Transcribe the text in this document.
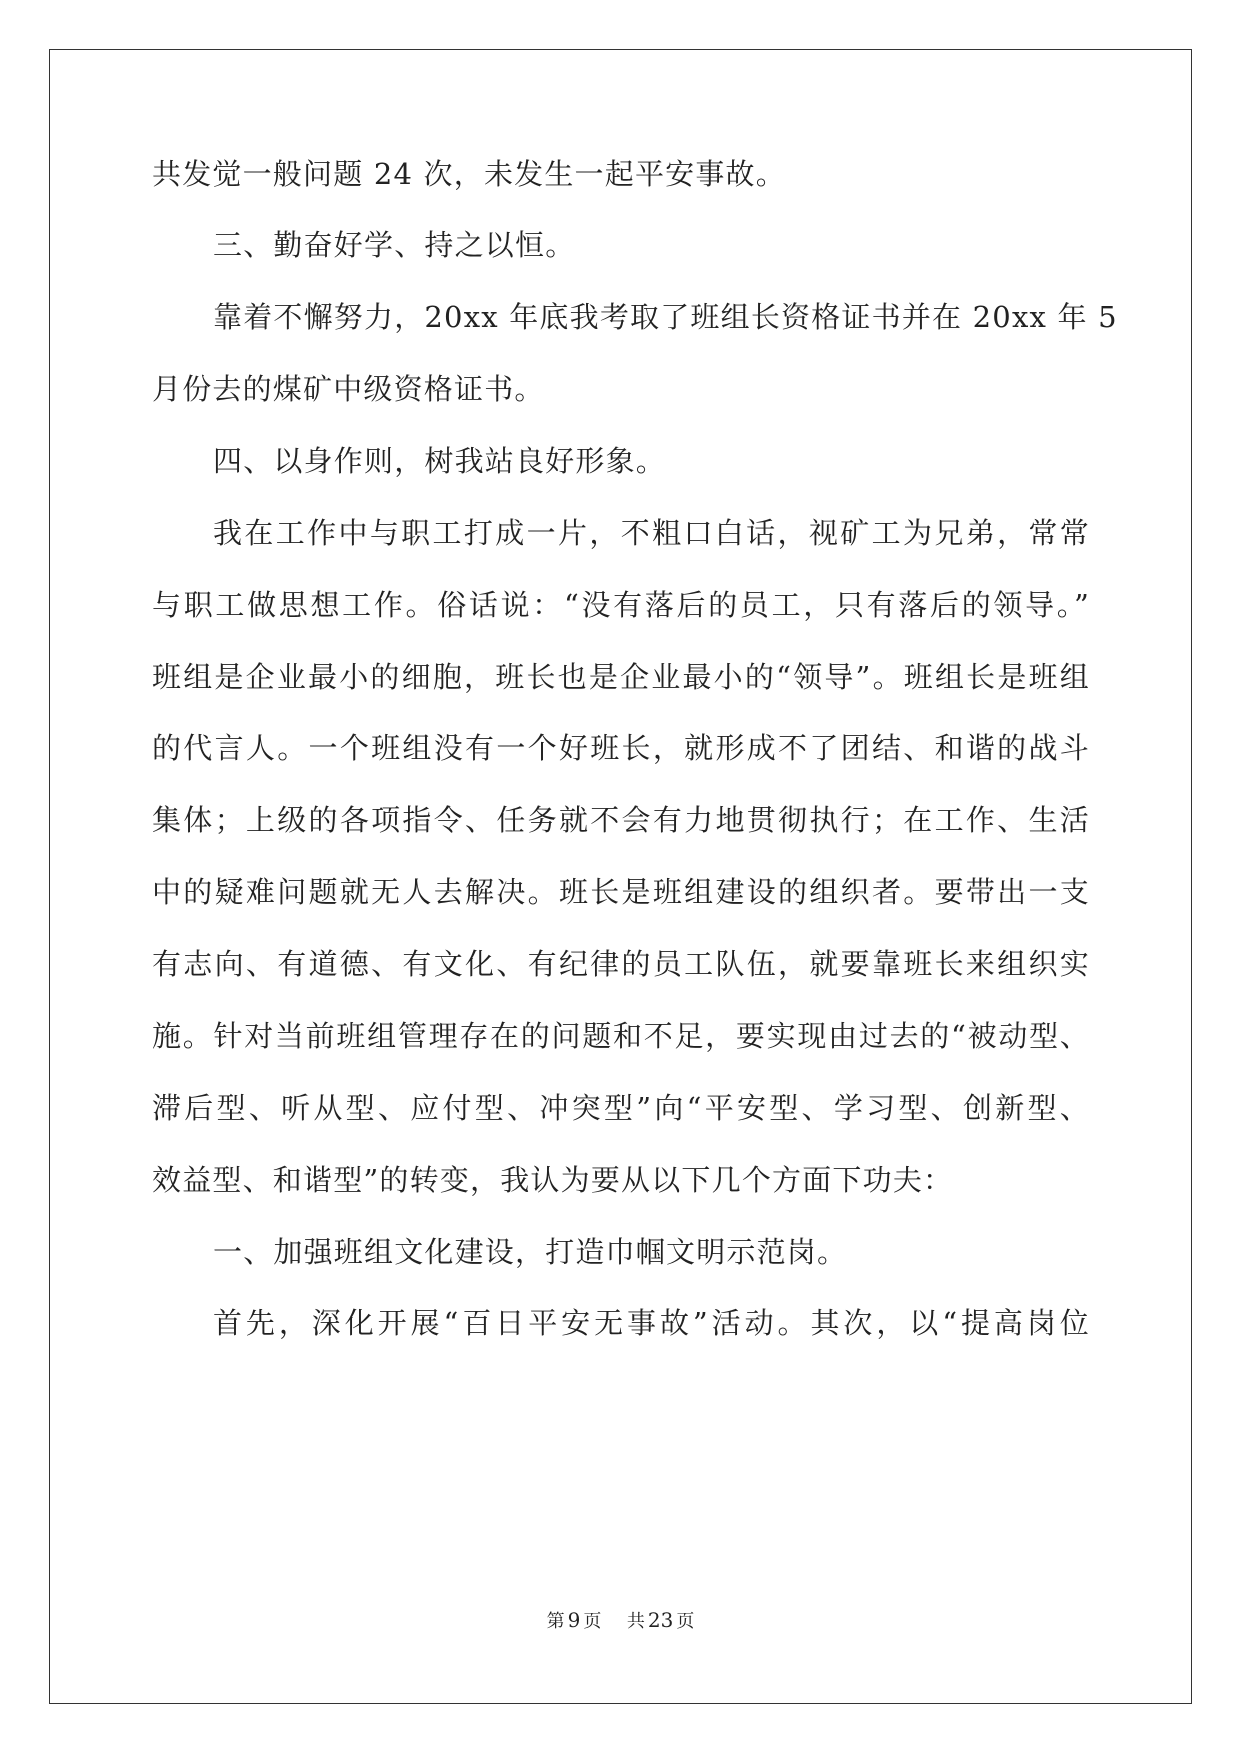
共发觉一般问题 24 次，未发生一起平安事故。
三、勤奋好学、持之以恒。
靠着不懈努力，20xx 年底我考取了班组长资格证书并在 20xx 年 5
月份去的煤矿中级资格证书。
四、以身作则，树我站良好形象。
我在工作中与职工打成一片，不粗口白话，视矿工为兄弟，常常
与职工做思想工作。俗话说：“没有落后的员工，只有落后的领导。”
班组是企业最小的细胞，班长也是企业最小的“领导”。班组长是班组
的代言人。一个班组没有一个好班长，就形成不了团结、和谐的战斗
集体；上级的各项指令、任务就不会有力地贯彻执行；在工作、生活
中的疑难问题就无人去解决。班长是班组建设的组织者。要带出一支
有志向、有道德、有文化、有纪律的员工队伍，就要靠班长来组织实
施。针对当前班组管理存在的问题和不足，要实现由过去的“被动型、
滞后型、听从型、应付型、冲突型”向“平安型、学习型、创新型、
效益型、和谐型”的转变，我认为要从以下几个方面下功夫：
一、加强班组文化建设，打造巾帼文明示范岗。
首先，深化开展“百日平安无事故”活动。其次，以“提高岗位
第 9 页 共 23 页
